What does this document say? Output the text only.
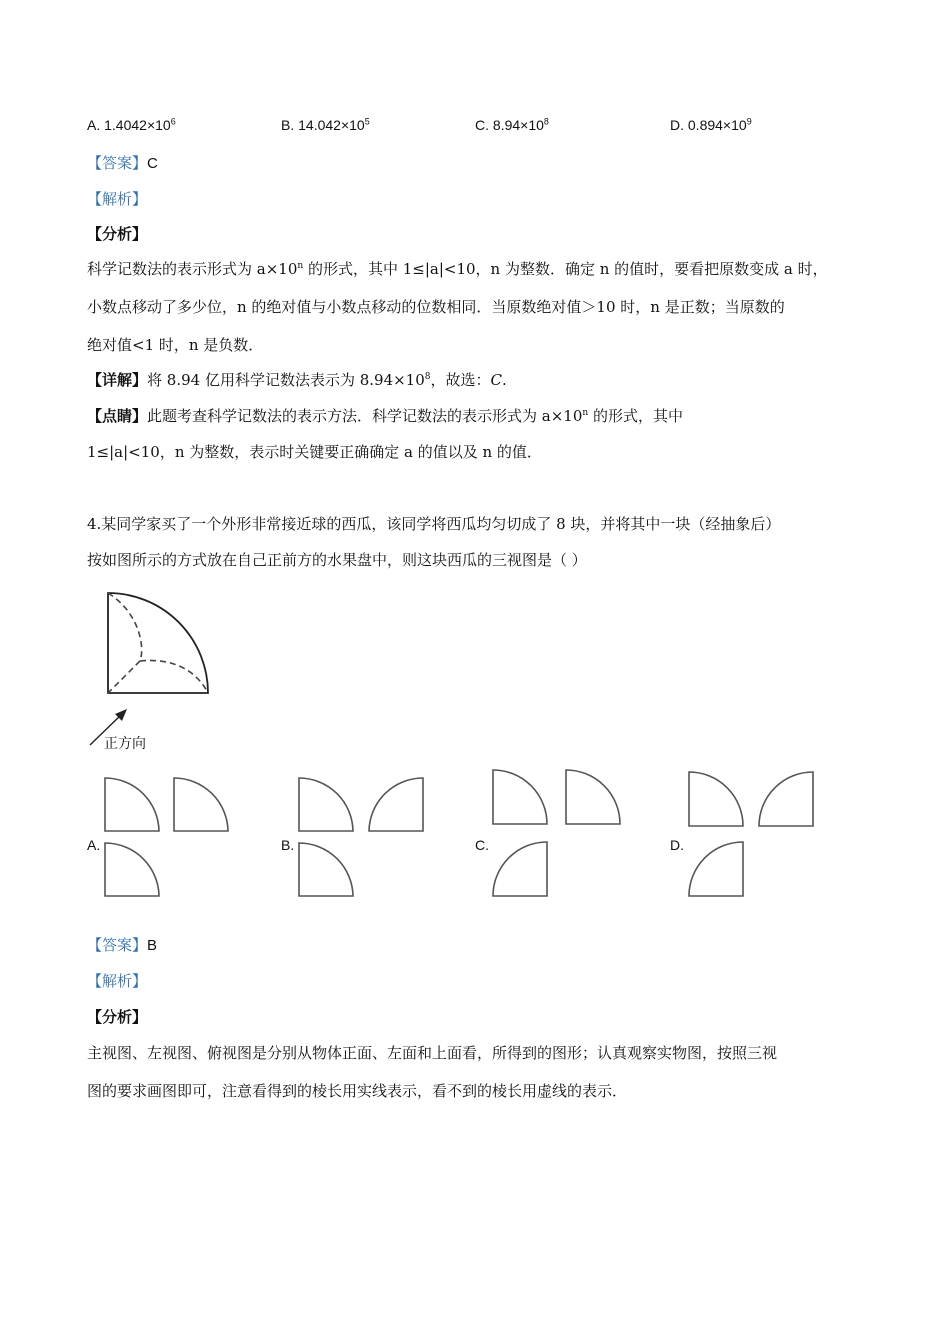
A. $1.4042\times 10^6$	B. $14.042\times 10^5$	C. $8.94\times 10^8$	D. $0.894\times 10^9$
【答案】C
【解析】
【分析】
科学记数法的表示形式为 $a\times 10^n$ 的形式，其中 1≤|a|<10，n 为整数．确定 n 的值时，要看把原数变成 a 时，
小数点移动了多少位，n 的绝对值与小数点移动的位数相同．当原数绝对值＞10 时，n 是正数；当原数的
绝对值<1 时，n 是负数．
【详解】将 8.94 亿用科学记数法表示为 $8.94\times 10^8$，故选：C.
【点睛】此题考查科学记数法的表示方法．科学记数法的表示形式为 $a\times 10^n$ 的形式，其中
1≤|a|<10，n 为整数，表示时关键要正确确定 a 的值以及 n 的值．
4.某同学家买了一个外形非常接近球的西瓜，该同学将西瓜均匀切成了 8 块，并将其中一块（经抽象后）
按如图所示的方式放在自己正前方的水果盘中，则这块西瓜的三视图是（ ）
正方向
A.	B.	C.	D.
【答案】B
【解析】
【分析】
主视图、左视图、俯视图是分别从物体正面、左面和上面看，所得到的图形；认真观察实物图，按照三视
图的要求画图即可，注意看得到的棱长用实线表示，看不到的棱长用虚线的表示．
